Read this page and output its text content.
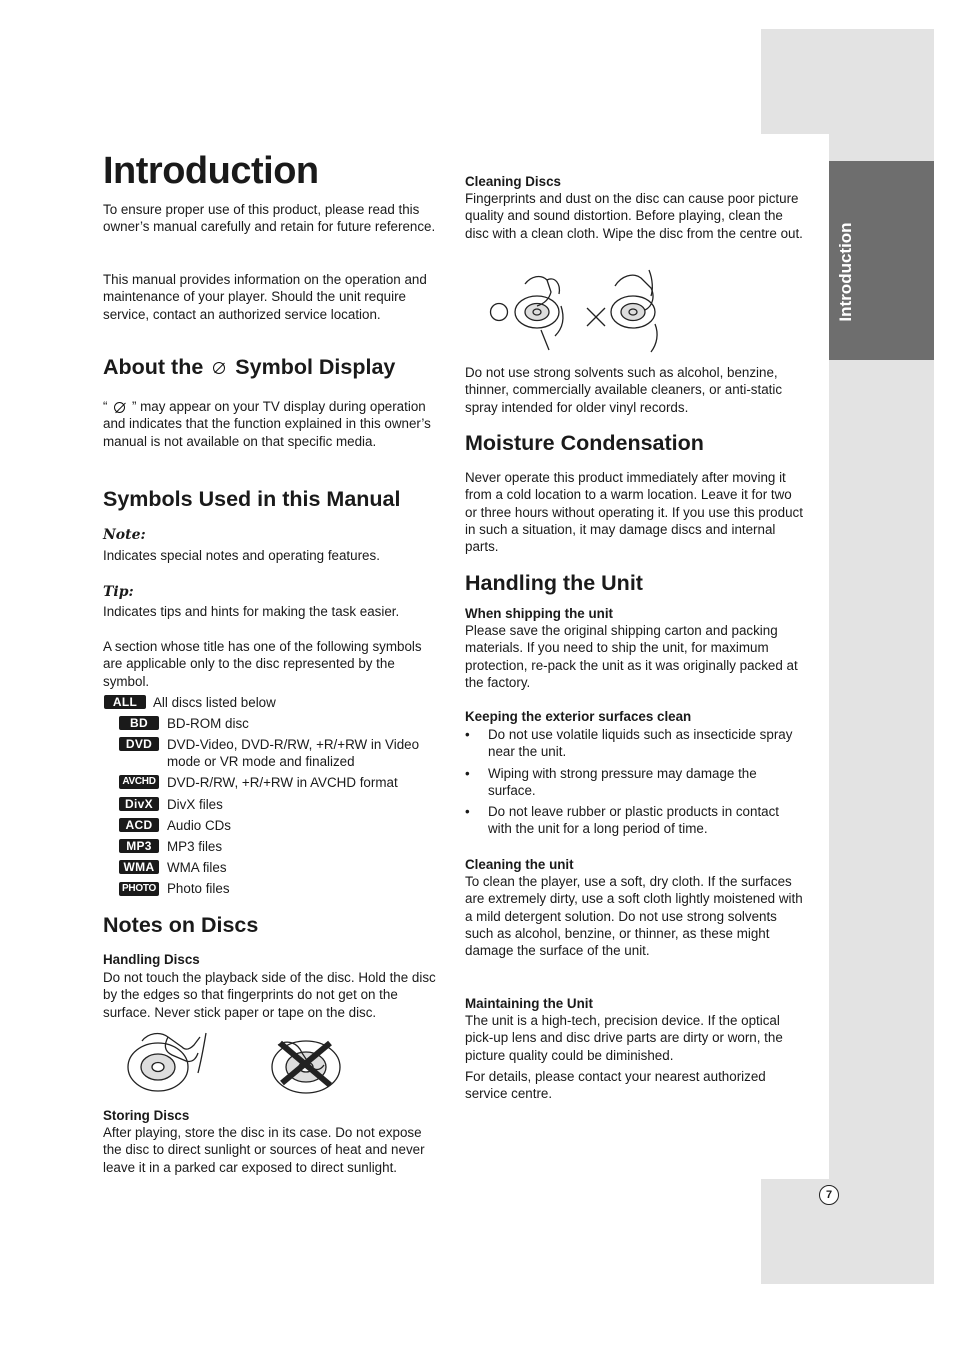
Introduction
7
Introduction

To ensure proper use of this product, please read this owner’s manual carefully and retain for future reference.

This manual provides information on the operation and maintenance of your player. Should the unit require service, contact an authorized service location.

About the Symbol Display
“ ” may appear on your TV display during operation and indicates that the function explained in this owner’s manual is not available on that specific media.
Symbols Used in this Manual
Note:

Indicates special notes and operating features.

Tip:

Indicates tips and hints for making the task easier.

A section whose title has one of the following symbols are applicable only to the disc represented by the symbol.

ALL	All discs listed below
BD	BD-ROM disc
DVD	DVD-Video, DVD-R/RW, +R/+RW in Video mode or VR mode and finalized
AVCHD DVD-R/RW, +R/+RW in AVCHD format
DivX	DivX files
ACD	Audio CDs
MP3	MP3 files
WMA WMA files
PHOTO Photo files
Notes on Discs
Handling Discs

Do not touch the playback side of the disc. Hold the disc by the edges so that fingerprints do not get on the surface. Never stick paper or tape on the disc.

Storing Discs

After playing, store the disc in its case. Do not expose the disc to direct sunlight or sources of heat and never leave it in a parked car exposed to direct sunlight.

Cleaning Discs

Fingerprints and dust on the disc can cause poor picture quality and sound distortion. Before playing, clean the disc with a clean cloth. Wipe the disc from the centre out.

Do not use strong solvents such as alcohol, benzine, thinner, commercially available cleaners, or anti-static spray intended for older vinyl records.

Moisture Condensation

Never operate this product immediately after moving it from a cold location to a warm location. Leave it for two or three hours without operating it. If you use this product in such a situation, it may damage discs and internal parts.

Handling the Unit
When shipping the unit

Please save the original shipping carton and packing materials. If you need to ship the unit, for maximum protection, re-pack the unit as it was originally packed at the factory.

Keeping the exterior surfaces clean
• Do not use volatile liquids such as insecticide spray near the unit.
• Wiping with strong pressure may damage the surface.
• Do not leave rubber or plastic products in contact with the unit for a long period of time.
Cleaning the unit

To clean the player, use a soft, dry cloth. If the surfaces are extremely dirty, use a soft cloth lightly moistened with a mild detergent solution. Do not use strong solvents such as alcohol, benzine, or thinner, as these might damage the surface of the unit.

Maintaining the Unit

The unit is a high-tech, precision device. If the optical pick-up lens and disc drive parts are dirty or worn, the picture quality could be diminished.

For details, please contact your nearest authorized service centre.
